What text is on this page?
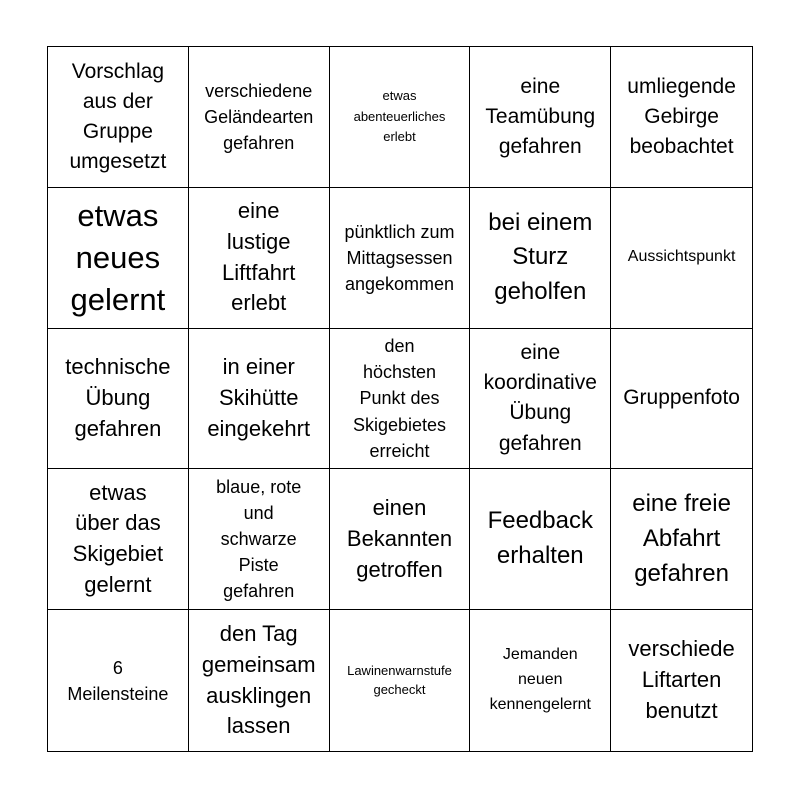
Vorschlag
aus der
Gruppe
umgesetzt
verschiedene
Geländearten
gefahren
etwas
abenteuerliches
erlebt
eine
Teamübung
gefahren
umliegende
Gebirge
beobachtet
etwas
neues
gelernt
eine
lustige
Liftfahrt
erlebt
pünktlich zum
Mittagsessen
angekommen
bei einem
Sturz
geholfen
Aussichtspunkt
technische
Übung
gefahren
in einer
Skihütte
eingekehrt
den
höchsten
Punkt des
Skigebietes
erreicht
eine
koordinative
Übung
gefahren
Gruppenfoto
etwas
über das
Skigebiet
gelernt
blaue, rote
und
schwarze
Piste
gefahren
einen
Bekannten
getroffen
Feedback
erhalten
eine freie
Abfahrt
gefahren
6
Meilensteine
den Tag
gemeinsam
ausklingen
lassen
Lawinenwarnstufe
gecheckt
Jemanden
neuen
kennengelernt
verschiede
Liftarten
benutzt
